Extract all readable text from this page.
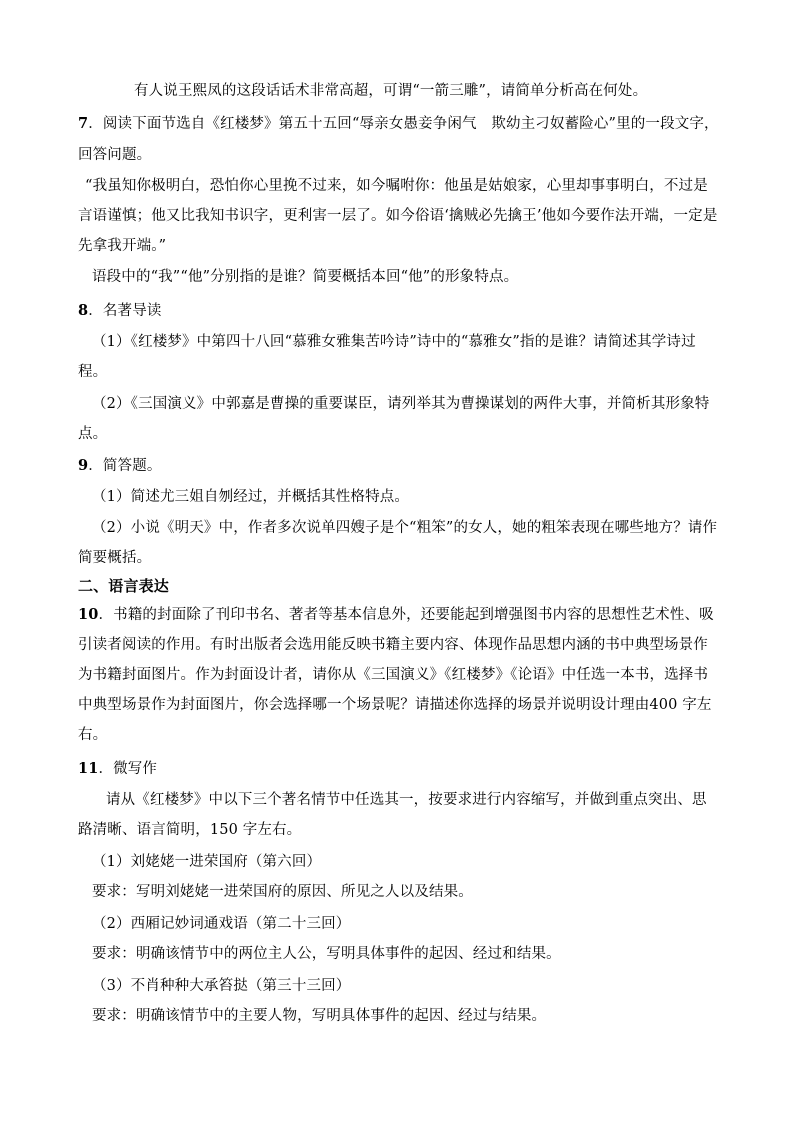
有人说王熙凤的这段话话术非常高超，可谓“一箭三雕”，请简单分析高在何处。
7．阅读下面节选自《红楼梦》第五十五回“辱亲女愚妾争闲气　欺幼主刁奴蓄险心”里的一段文字，
回答问题。
“我虽知你极明白，恐怕你心里挽不过来，如今嘱咐你：他虽是姑娘家，心里却事事明白，不过是
言语谨慎；他又比我知书识字，更利害一层了。如今俗语‘擒贼必先擒王’他如今要作法开端，一定是
先拿我开端。”
语段中的“我”“他”分别指的是谁？简要概括本回“他”的形象特点。
8．名著导读
（1）《红楼梦》中第四十八回“慕雅女雅集苦吟诗”诗中的“慕雅女”指的是谁？请简述其学诗过
程。
（2）《三国演义》中郭嘉是曹操的重要谋臣，请列举其为曹操谋划的两件大事，并简析其形象特
点。
9．简答题。
（1）简述尤三姐自刎经过，并概括其性格特点。
（2）小说《明天》中，作者多次说单四嫂子是个“粗笨”的女人，她的粗笨表现在哪些地方？请作
简要概括。
二、语言表达
10．书籍的封面除了刊印书名、著者等基本信息外，还要能起到增强图书内容的思想性艺术性、吸
引读者阅读的作用。有时出版者会选用能反映书籍主要内容、体现作品思想内涵的书中典型场景作
为书籍封面图片。作为封面设计者，请你从《三国演义》《红楼梦》《论语》中任选一本书，选择书
中典型场景作为封面图片，你会选择哪一个场景呢？请描述你选择的场景并说明设计理由400 字左
右。
11．微写作
请从《红楼梦》中以下三个著名情节中任选其一，按要求进行内容缩写，并做到重点突出、思
路清晰、语言简明，150 字左右。
（1）刘姥姥一进荣国府（第六回）
要求：写明刘姥姥一进荣国府的原因、所见之人以及结果。
（2）西厢记妙词通戏语（第二十三回）
要求：明确该情节中的两位主人公，写明具体事件的起因、经过和结果。
（3）不肖种种大承笞挞（第三十三回）
要求：明确该情节中的主要人物，写明具体事件的起因、经过与结果。
